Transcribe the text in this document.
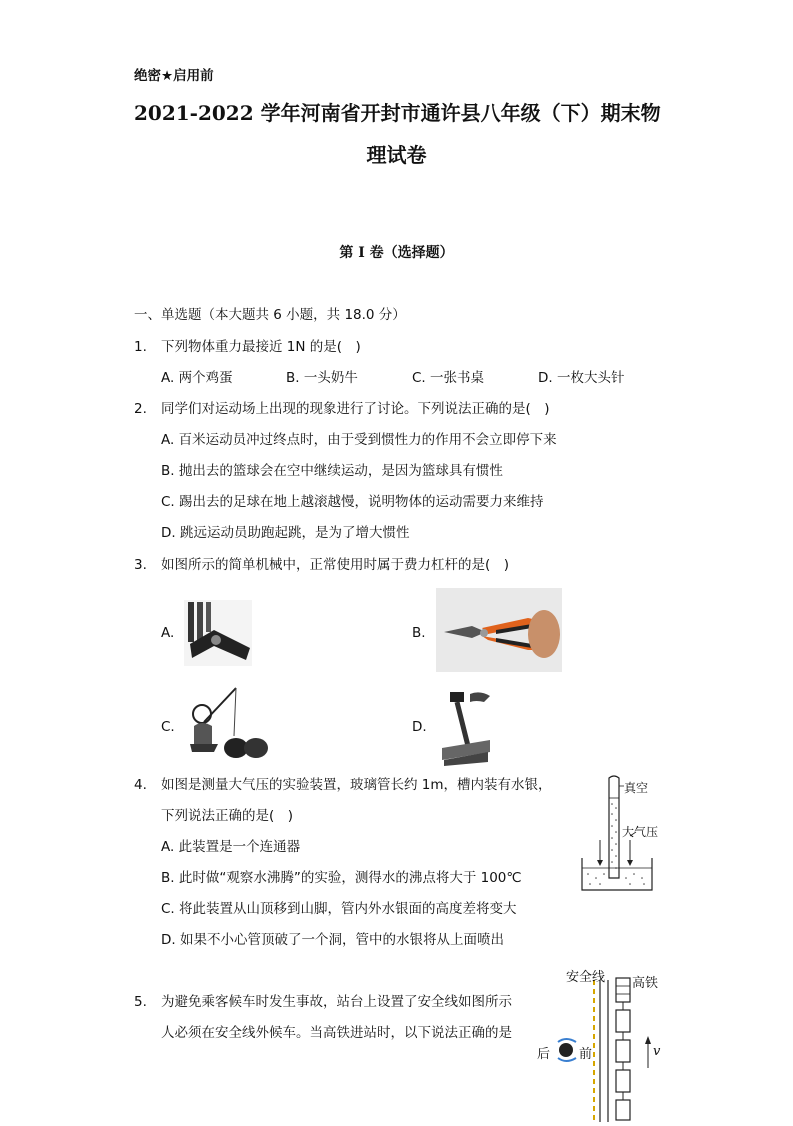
绝密★启用前
2021-2022 学年河南省开封市通许县八年级（下）期末物
理试卷
第 I 卷（选择题）
一、单选题（本大题共 6 小题，共 18.0 分）
1. 下列物体重力最接近 1N 的是(　)
A. 两个鸡蛋	B. 一头奶牛	C. 一张书桌	D. 一枚大头针
2. 同学们对运动场上出现的现象进行了讨论。下列说法正确的是(　)
A. 百米运动员冲过终点时，由于受到惯性力的作用不会立即停下来
B. 抛出去的篮球会在空中继续运动，是因为篮球具有惯性
C. 踢出去的足球在地上越滚越慢，说明物体的运动需要力来维持
D. 跳远运动员助跑起跳，是为了增大惯性
3. 如图所示的简单机械中，正常使用时属于费力杠杆的是(　)
A.	B.
C.	D.
4. 如图是测量大气压的实验装置，玻璃管长约 1m，槽内装有水银，
下列说法正确的是(　)
A. 此装置是一个连通器
B. 此时做“观察水沸腾”的实验，测得水的沸点将大于 100℃
C. 将此装置从山顶移到山脚，管内外水银面的高度差将变大
D. 如果不小心管顶破了一个洞，管中的水银将从上面喷出
真空
大气压
5. 为避免乘客候车时发生事故，站台上设置了安全线如图所示
人必须在安全线外候车。当高铁进站时，以下说法正确的是
安全线 高铁
后 前	v
